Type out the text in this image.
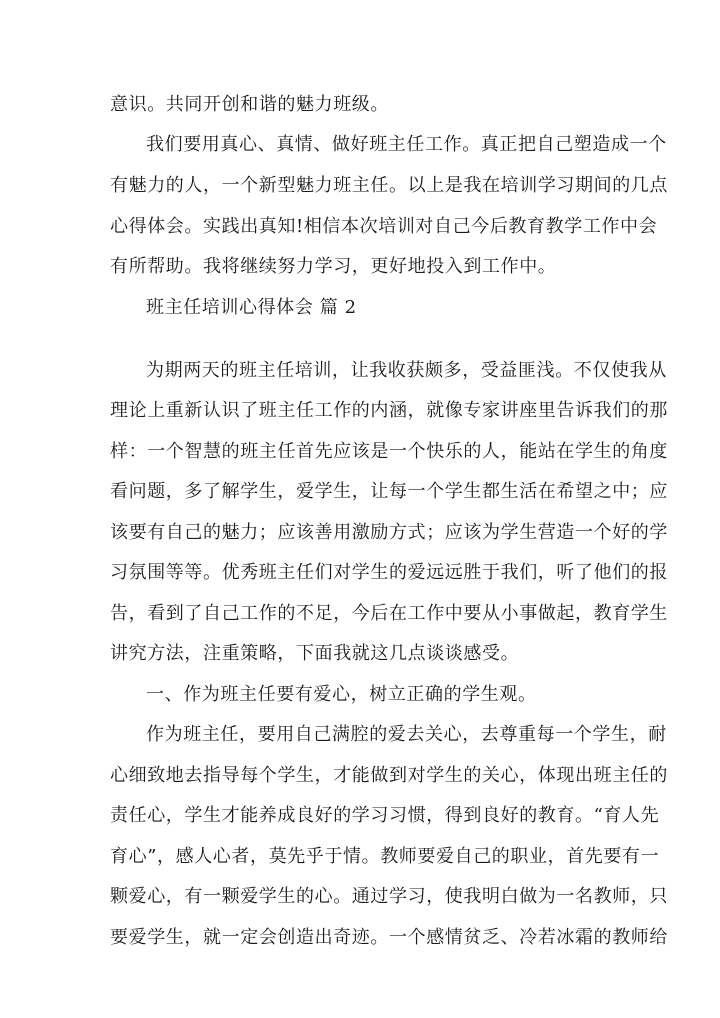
意识。共同开创和谐的魅力班级。
我们要用真心、真情、做好班主任工作。真正把自己塑造成一个
有魅力的人，一个新型魅力班主任。以上是我在培训学习期间的几点
心得体会。实践出真知!相信本次培训对自己今后教育教学工作中会
有所帮助。我将继续努力学习，更好地投入到工作中。
班主任培训心得体会 篇 2
为期两天的班主任培训，让我收获颇多，受益匪浅。不仅使我从
理论上重新认识了班主任工作的内涵，就像专家讲座里告诉我们的那
样：一个智慧的班主任首先应该是一个快乐的人，能站在学生的角度
看问题，多了解学生，爱学生，让每一个学生都生活在希望之中；应
该要有自己的魅力；应该善用激励方式；应该为学生营造一个好的学
习氛围等等。优秀班主任们对学生的爱远远胜于我们，听了他们的报
告，看到了自己工作的不足，今后在工作中要从小事做起，教育学生
讲究方法，注重策略，下面我就这几点谈谈感受。
一、作为班主任要有爱心，树立正确的学生观。
作为班主任，要用自己满腔的爱去关心，去尊重每一个学生，耐
心细致地去指导每个学生，才能做到对学生的关心，体现出班主任的
责任心，学生才能养成良好的学习习惯，得到良好的教育。“育人先
育心”，感人心者，莫先乎于情。教师要爱自己的职业，首先要有一
颗爱心，有一颗爱学生的心。通过学习，使我明白做为一名教师，只
要爱学生，就一定会创造出奇迹。一个感情贫乏、冷若冰霜的教师给
